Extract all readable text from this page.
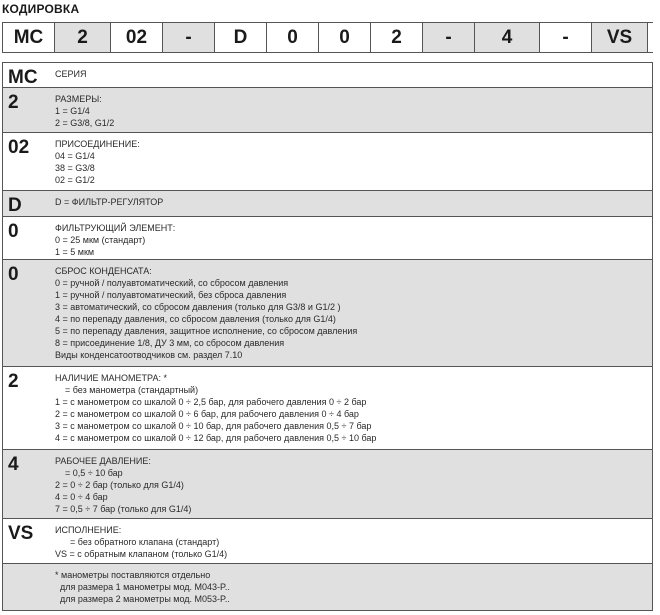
КОДИРОВКА
MC	2	02	-	D	0	0	2	-	4	-	VS
MC	СЕРИЯ
2	РАЗМЕРЫ:
1 = G1/4
2 = G3/8, G1/2
02	ПРИСОЕДИНЕНИЕ:
04 = G1/4
38 = G3/8
02 = G1/2
D	D = ФИЛЬТР-РЕГУЛЯТОР
0	ФИЛЬТРУЮЩИЙ ЭЛЕМЕНТ:
0 = 25 мкм (стандарт)
1 = 5 мкм
0	СБРОС КОНДЕНСАТА:
0 = ручной / полуавтоматический, со сбросом давления
1 = ручной / полуавтоматический, без сброса давления
3 = автоматический, со сбросом давления (только для G3/8 и G1/2 )
4 = по перепаду давления, со сбросом давления (только для G1/4)
5 = по перепаду давления, защитное исполнение, со сбросом давления
8 = присоединение 1/8, ДУ 3 мм, со сбросом давления
Виды конденсатоотводчиков см. раздел 7.10
2	НАЛИЧИЕ МАНОМЕТРА: *
= без манометра (стандартный)
1 = с манометром со шкалой 0 ÷ 2,5 бар, для рабочего давления 0 ÷ 2 бар
2 = с манометром со шкалой 0 ÷ 6 бар, для рабочего давления 0 ÷ 4 бар
3 = с манометром со шкалой 0 ÷ 10 бар, для рабочего давления 0,5 ÷ 7 бар
4 = с манометром со шкалой 0 ÷ 12 бар, для рабочего давления 0,5 ÷ 10 бар
4	РАБОЧЕЕ ДАВЛЕНИЕ:
= 0,5 ÷ 10 бар
2 = 0 ÷ 2 бар (только для G1/4)
4 = 0 ÷ 4 бар
7 = 0,5 ÷ 7 бар (только для G1/4)
VS	ИСПОЛНЕНИЕ:
= без обратного клапана (стандарт)
VS = с обратным клапаном (только G1/4)
* манометры поставляются отдельно
для размера 1 манометры мод. M043-P..
для размера 2 манометры мод. M053-P..
